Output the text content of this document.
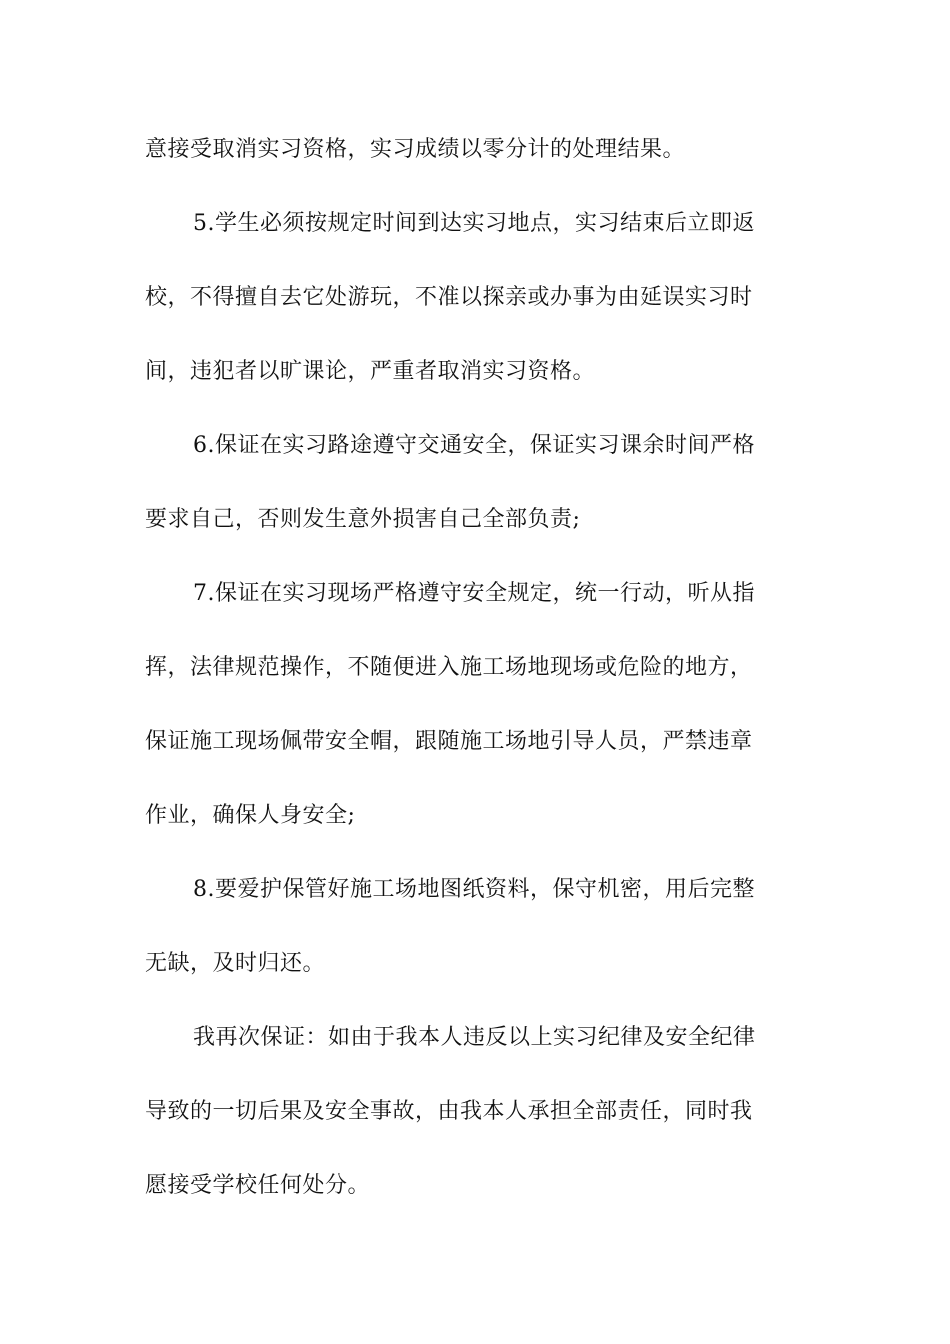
意接受取消实习资格，实习成绩以零分计的处理结果。
5.学生必须按规定时间到达实习地点，实习结束后立即返
校，不得擅自去它处游玩，不准以探亲或办事为由延误实习时
间，违犯者以旷课论，严重者取消实习资格。
6.保证在实习路途遵守交通安全，保证实习课余时间严格
要求自己，否则发生意外损害自己全部负责;
7.保证在实习现场严格遵守安全规定，统一行动，听从指
挥，法律规范操作，不随便进入施工场地现场或危险的地方，
保证施工现场佩带安全帽，跟随施工场地引导人员，严禁违章
作业，确保人身安全;
8.要爱护保管好施工场地图纸资料，保守机密，用后完整
无缺，及时归还。
我再次保证：如由于我本人违反以上实习纪律及安全纪律
导致的一切后果及安全事故，由我本人承担全部责任，同时我
愿接受学校任何处分。
